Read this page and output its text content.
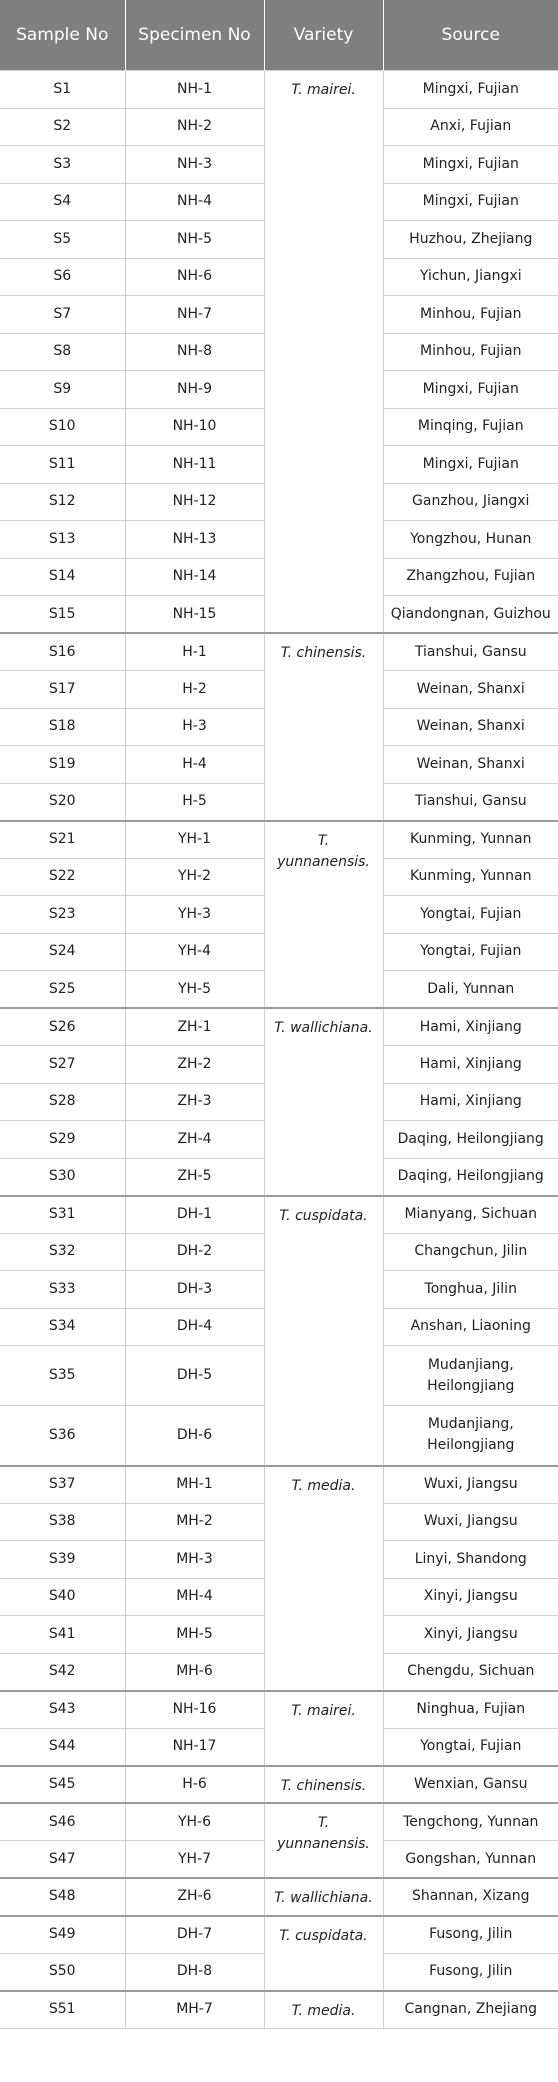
Sample No	Specimen No	Variety	Source
S1	NH-1	T. mairei.	Mingxi, Fujian
S2	NH-2		Anxi, Fujian
S3	NH-3		Mingxi, Fujian
S4	NH-4		Mingxi, Fujian
S5	NH-5		Huzhou, Zhejiang
S6	NH-6		Yichun, Jiangxi
S7	NH-7		Minhou, Fujian
S8	NH-8		Minhou, Fujian
S9	NH-9		Mingxi, Fujian
S10	NH-10		Minqing, Fujian
S11	NH-11		Mingxi, Fujian
S12	NH-12		Ganzhou, Jiangxi
S13	NH-13		Yongzhou, Hunan
S14	NH-14		Zhangzhou, Fujian
S15	NH-15		Qiandongnan, Guizhou
S16	H-1	T. chinensis.	Tianshui, Gansu
S17	H-2		Weinan, Shanxi
S18	H-3		Weinan, Shanxi
S19	H-4		Weinan, Shanxi
S20	H-5		Tianshui, Gansu
S21	YH-1	T. yunnanensis.	Kunming, Yunnan
S22	YH-2		Kunming, Yunnan
S23	YH-3		Yongtai, Fujian
S24	YH-4		Yongtai, Fujian
S25	YH-5		Dali, Yunnan
S26	ZH-1	T. wallichiana.	Hami, Xinjiang
S27	ZH-2		Hami, Xinjiang
S28	ZH-3		Hami, Xinjiang
S29	ZH-4		Daqing, Heilongjiang
S30	ZH-5		Daqing, Heilongjiang
S31	DH-1	T. cuspidata.	Mianyang, Sichuan
S32	DH-2		Changchun, Jilin
S33	DH-3		Tonghua, Jilin
S34	DH-4		Anshan, Liaoning
S35	DH-5		Mudanjiang, Heilongjiang
S36	DH-6		Mudanjiang, Heilongjiang
S37	MH-1	T. media.	Wuxi, Jiangsu
S38	MH-2		Wuxi, Jiangsu
S39	MH-3		Linyi, Shandong
S40	MH-4		Xinyi, Jiangsu
S41	MH-5		Xinyi, Jiangsu
S42	MH-6		Chengdu, Sichuan
S43	NH-16	T. mairei.	Ninghua, Fujian
S44	NH-17		Yongtai, Fujian
S45	H-6	T. chinensis.	Wenxian, Gansu
S46	YH-6	T. yunnanensis.	Tengchong, Yunnan
S47	YH-7		Gongshan, Yunnan
S48	ZH-6	T. wallichiana.	Shannan, Xizang
S49	DH-7	T. cuspidata.	Fusong, Jilin
S50	DH-8		Fusong, Jilin
S51	MH-7	T. media.	Cangnan, Zhejiang
